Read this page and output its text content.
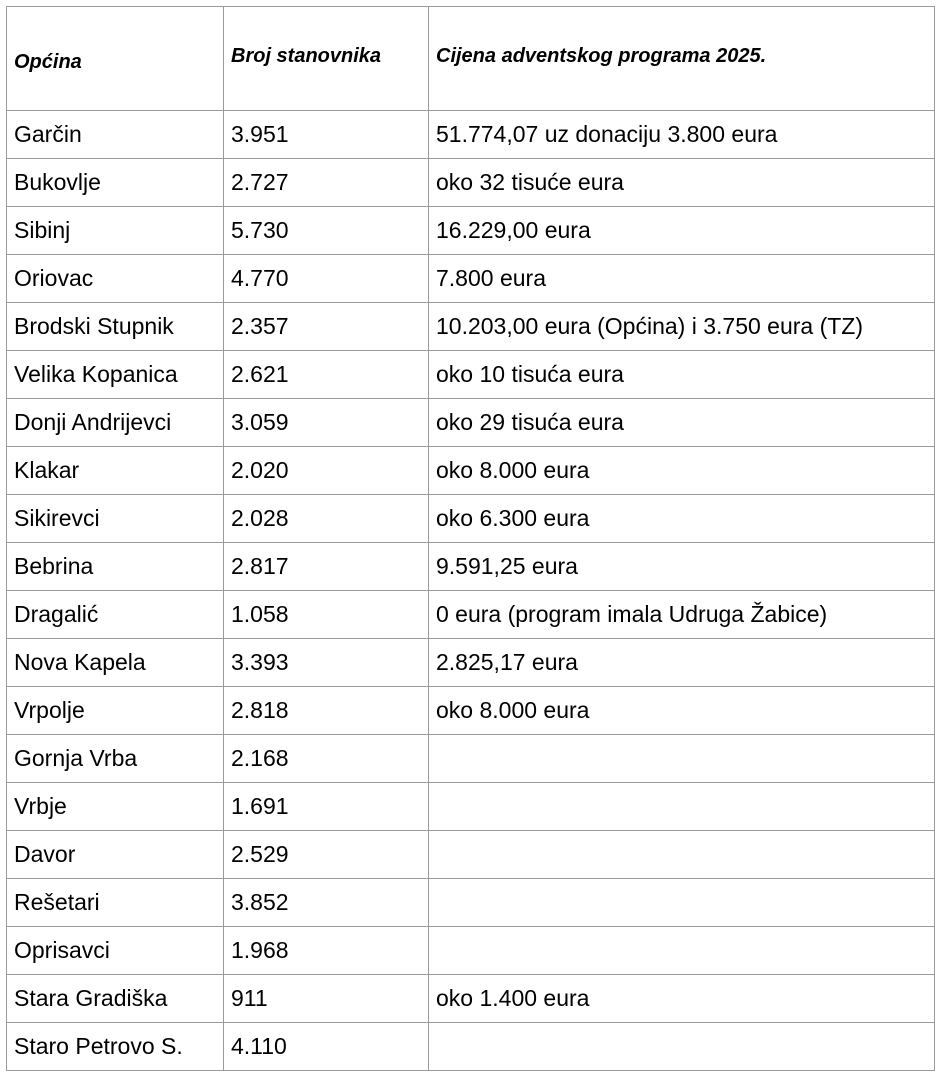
Općina	Broj stanovnika	Cijena adventskog programa 2025.

Garčin	3.951	51.774,07 uz donaciju 3.800 eura
Bukovlje	2.727	oko 32 tisuće eura
Sibinj	5.730	16.229,00 eura
Oriovac	4.770	7.800 eura
Brodski Stupnik	2.357	10.203,00 eura (Općina) i 3.750 eura (TZ)
Velika Kopanica	2.621	oko 10 tisuća eura
Donji Andrijevci	3.059	oko 29 tisuća eura
Klakar	2.020	oko 8.000 eura
Sikirevci	2.028	oko 6.300 eura
Bebrina	2.817	9.591,25 eura
Dragalić	1.058	0 eura (program imala Udruga Žabice)
Nova Kapela	3.393	2.825,17 eura
Vrpolje	2.818	oko 8.000 eura
Gornja Vrba	2.168	
Vrbje	1.691	
Davor	2.529	
Rešetari	3.852	
Oprisavci	1.968	
Stara Gradiška	911	oko 1.400 eura
Staro Petrovo S.	4.110	
